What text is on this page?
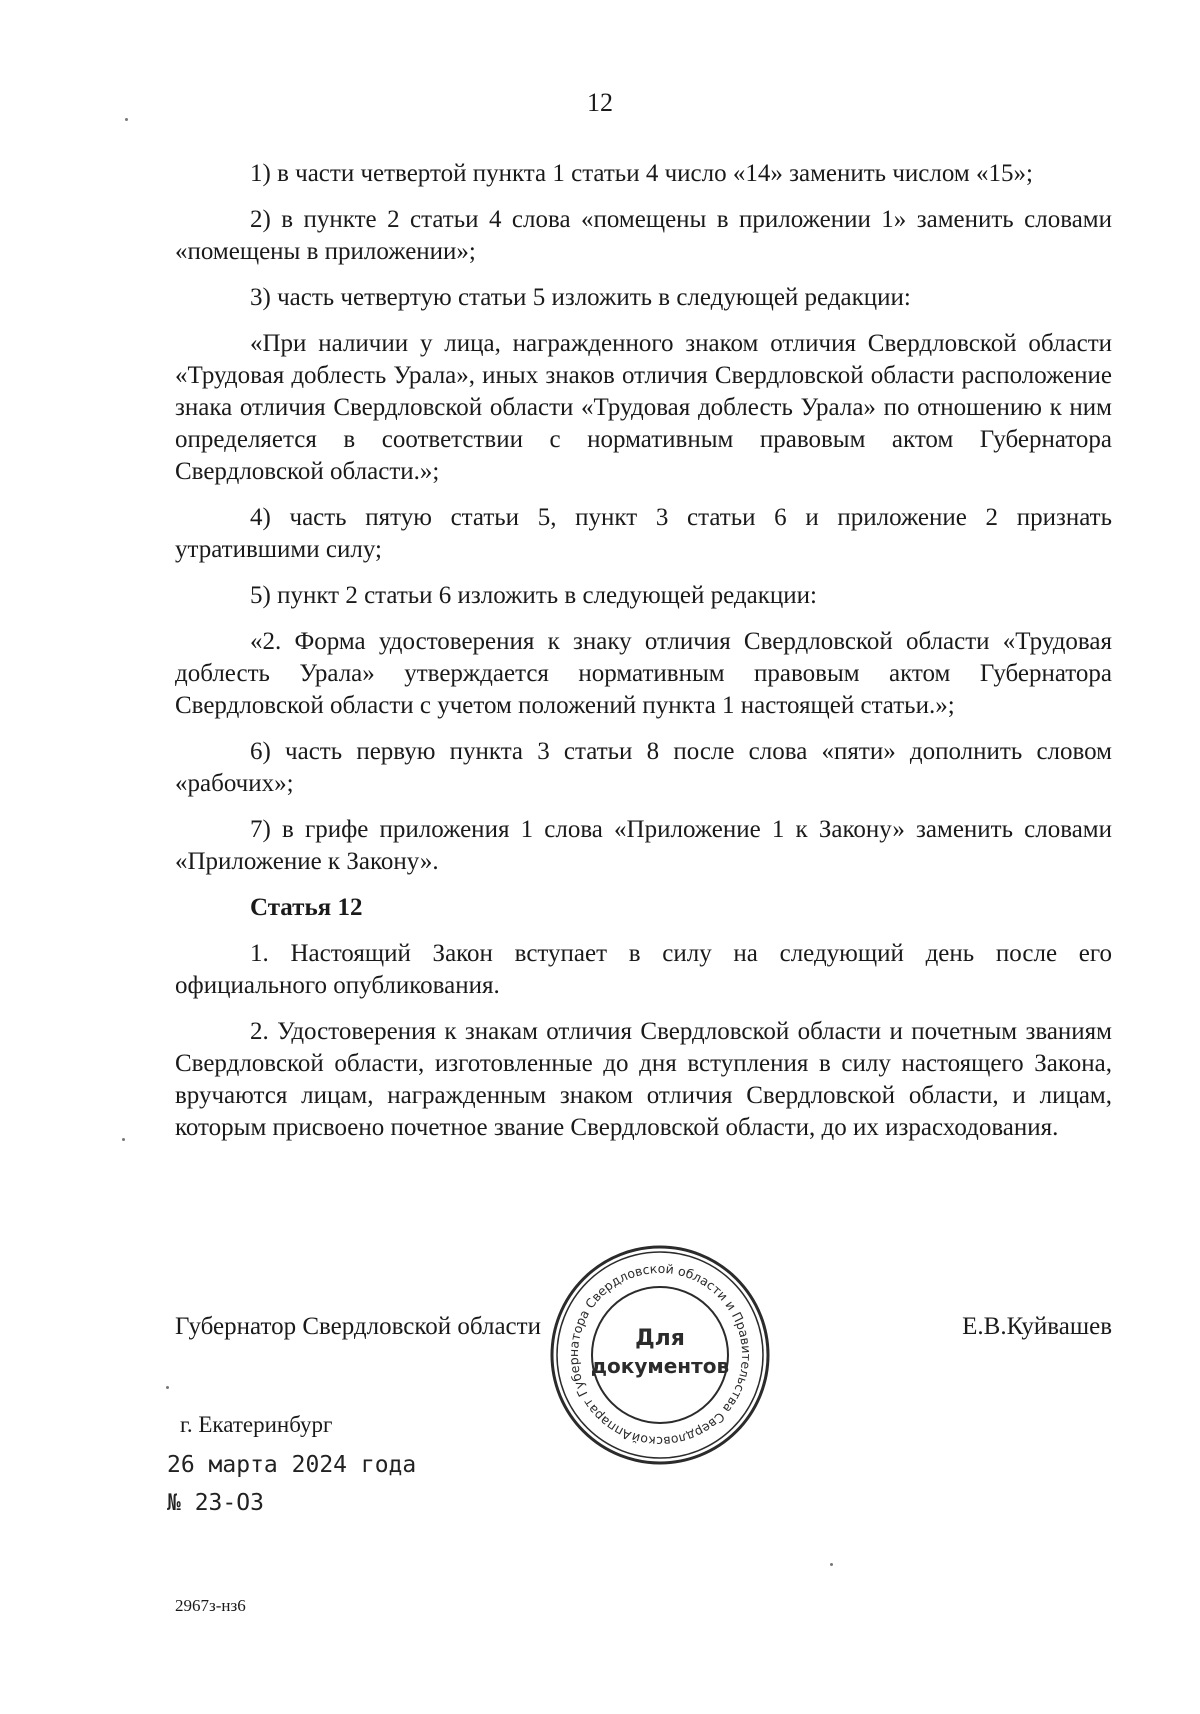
12

1) в части четвертой пункта 1 статьи 4 число «14» заменить числом «15»;

2) в пункте 2 статьи 4 слова «помещены в приложении 1» заменить словами «помещены в приложении»;

3) часть четвертую статьи 5 изложить в следующей редакции:

«При наличии у лица, награжденного знаком отличия Свердловской области «Трудовая доблесть Урала», иных знаков отличия Свердловской области расположение знака отличия Свердловской области «Трудовая доблесть Урала» по отношению к ним определяется в соответствии с нормативным правовым актом Губернатора Свердловской области.»;

4) часть пятую статьи 5, пункт 3 статьи 6 и приложение 2 признать утратившими силу;

5) пункт 2 статьи 6 изложить в следующей редакции:

«2. Форма удостоверения к знаку отличия Свердловской области «Трудовая доблесть Урала» утверждается нормативным правовым актом Губернатора Свердловской области с учетом положений пункта 1 настоящей статьи.»;

6) часть первую пункта 3 статьи 8 после слова «пяти» дополнить словом «рабочих»;

7) в грифе приложения 1 слова «Приложение 1 к Закону» заменить словами «Приложение к Закону».

Статья 12

1. Настоящий Закон вступает в силу на следующий день после его официального опубликования.

2. Удостоверения к знакам отличия Свердловской области и почетным званиям Свердловской области, изготовленные до дня вступления в силу настоящего Закона, вручаются лицам, награжденным знаком отличия Свердловской области, и лицам, которым присвоено почетное звание Свердловской области, до их израсходования.

Губернатор Свердловской области	Е.В.Куйвашев
Аппарат Губернатора Свердловской области и Правительства Свердловской
Для
документов
г. Екатеринбург
26 марта 2024 года
№ 23-ОЗ
2967з-нз6
